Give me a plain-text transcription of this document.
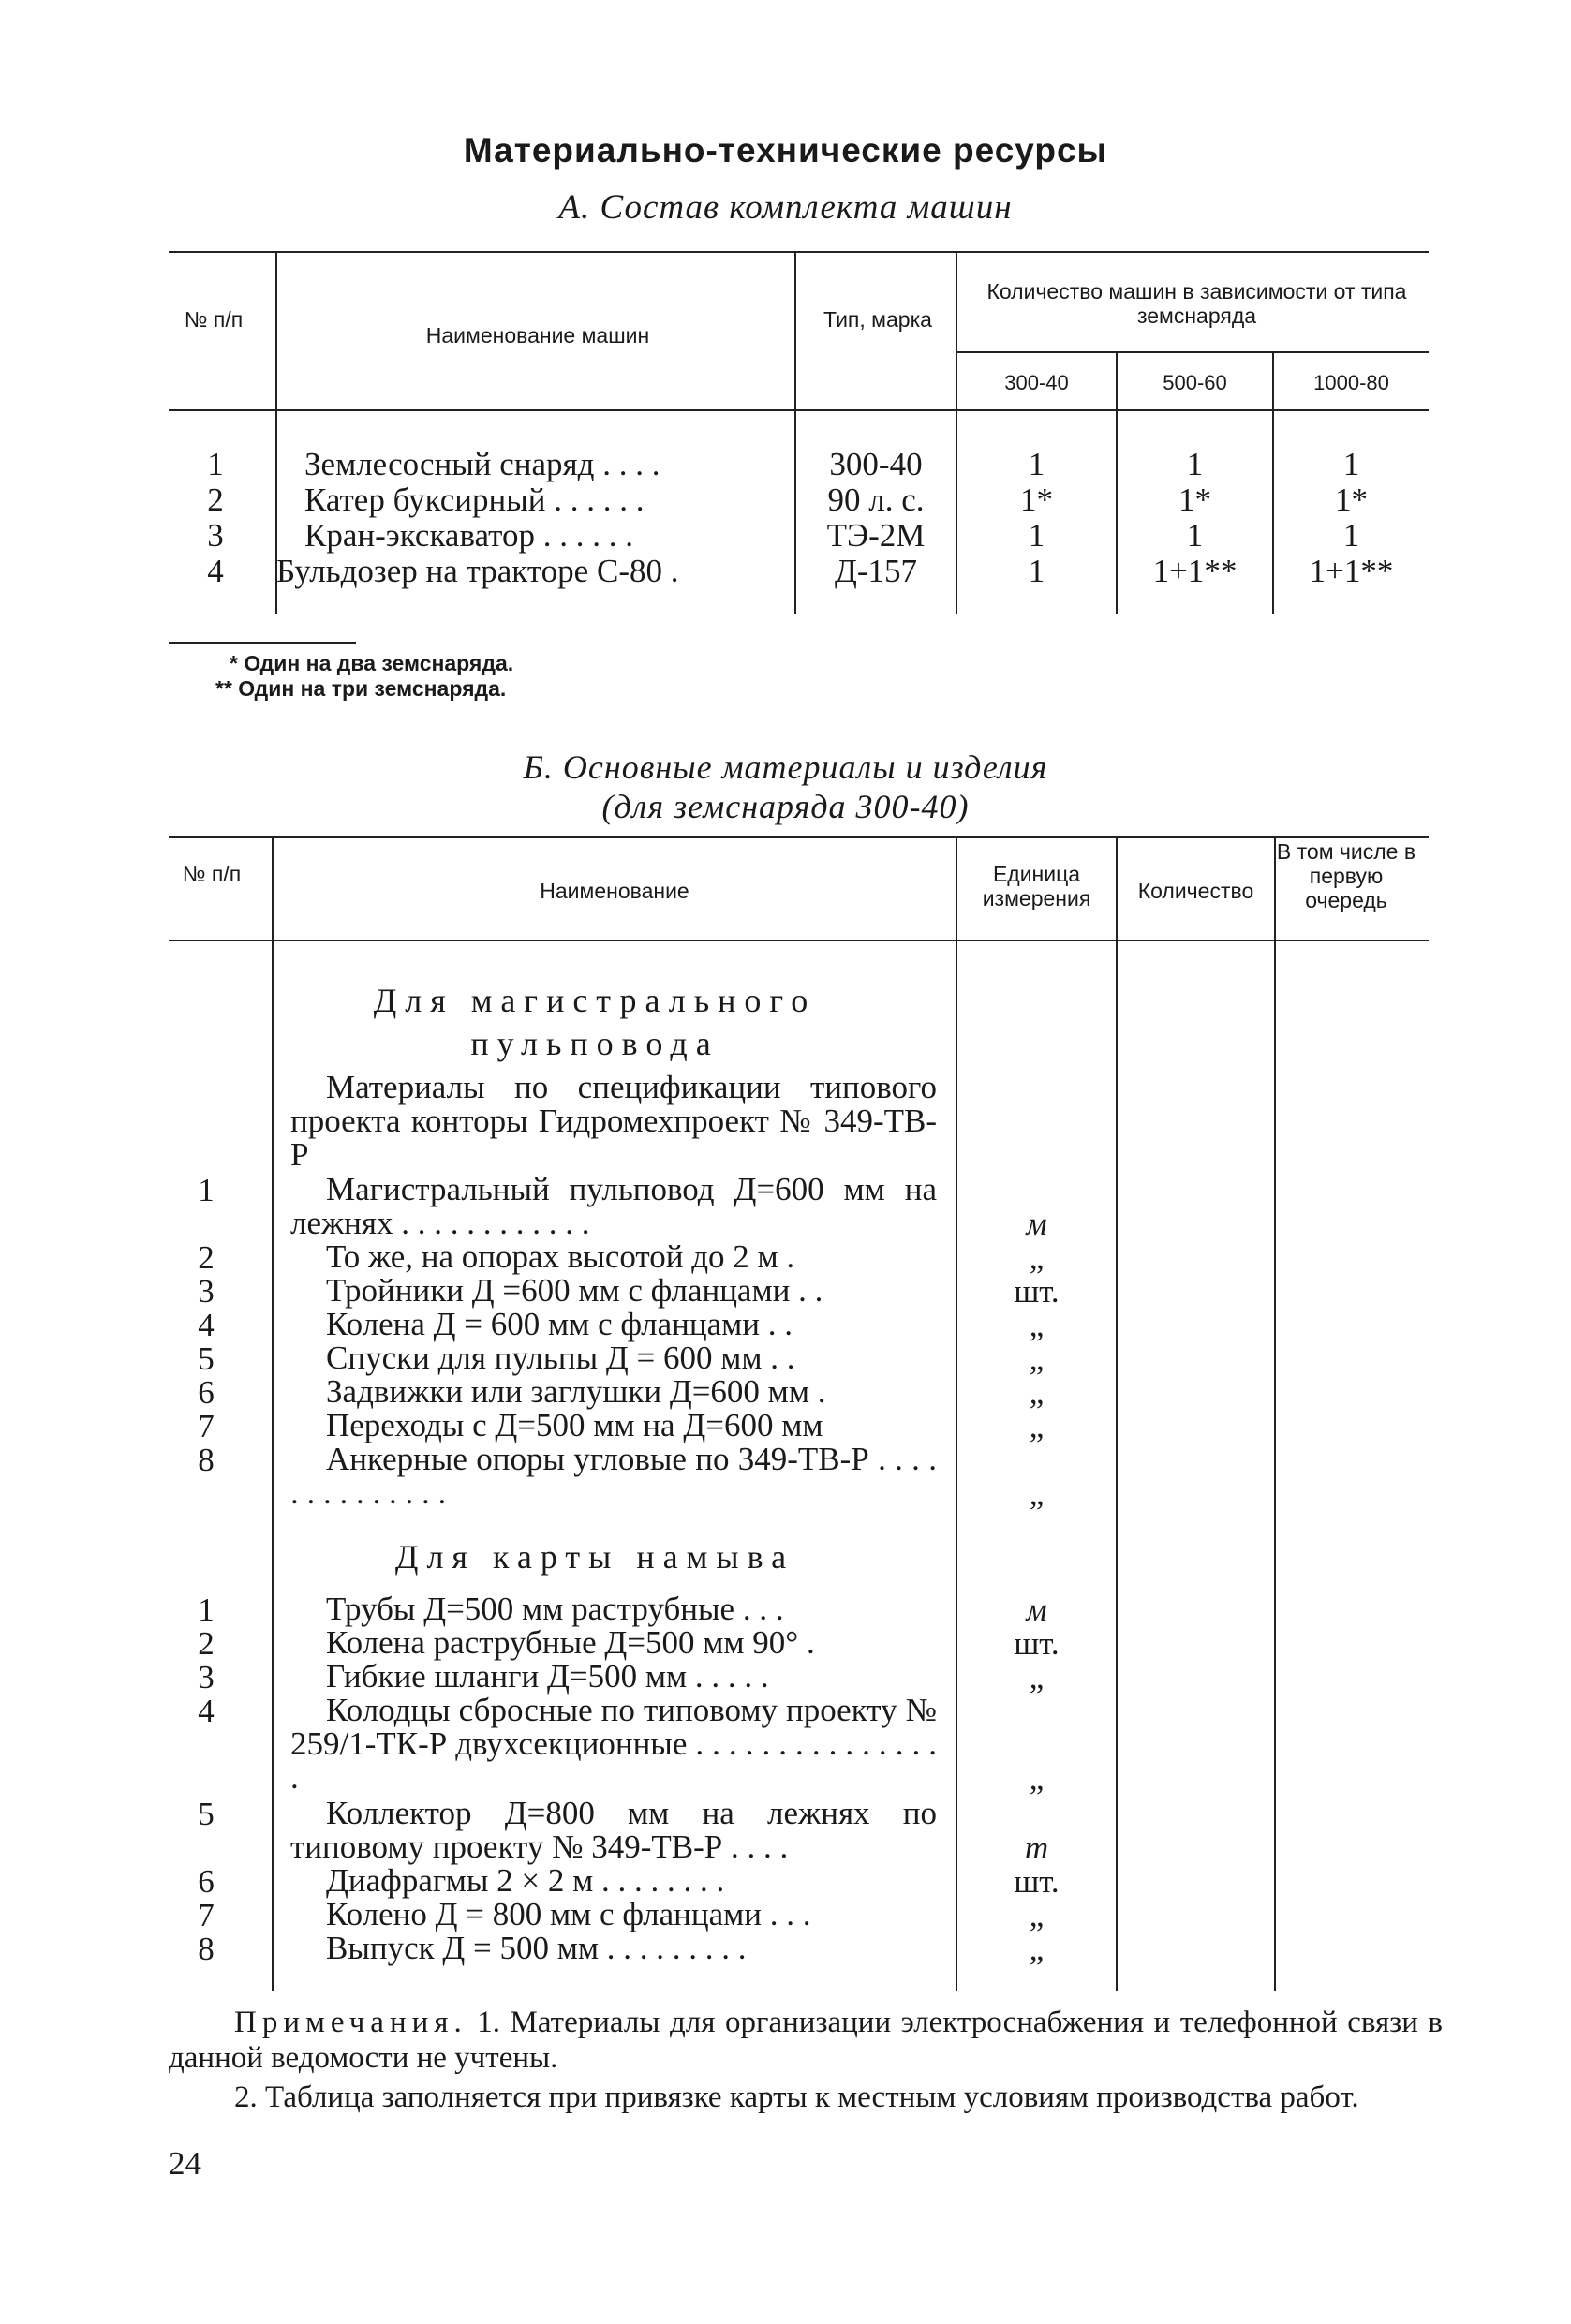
Материально-технические ресурсы
А. Состав комплекта машин
№ п/п
Наименование машин
Тип, марка
Количество машин в зависимости от типа земснаряда
300-40	500-60	1000-80
1	Землесосный снаряд . . . .	300-40	1	1	1
2	Катер буксирный . . . . . .	90 л. с.	1*	1*	1*
3	Кран-экскаватор . . . . . .	ТЭ-2М	1	1	1
4	Бульдозер на тракторе С-80 .	Д-157	1	1+1**	1+1**
* Один на два земснаряда.
** Один на три земснаряда.
Б. Основные материалы и изделия
(для земснаряда 300-40)
№ п/п
Наименование
Единица измерения	Количество
В том числе в первую очередь
Для магистрального пульповода
Материалы по спецификации типового проекта конторы Гидромехпроект № 349-ТВ-Р
1	Магистральный пульповод Д=600 мм на лежнях . . . . . . . . . . . .	м
2	То же, на опорах высотой до 2 м .	„
3	Тройники Д =600 мм с фланцами . .	шт.
4	Колена Д = 600 мм с фланцами . .	„
5	Спуски для пульпы Д = 600 мм . .	„
6	Задвижки или заглушки Д=600 мм .	„
7	Переходы с Д=500 мм на Д=600 мм	„
8	Анкерные опоры угловые по 349-ТВ-Р . . . . . . . . . . . . . .	„
Для карты намыва
1	Трубы Д=500 мм раструбные . . .	м
2	Колена раструбные Д=500 мм 90° .	шт.
3	Гибкие шланги Д=500 мм . . . . .	„
4	Колодцы сбросные по типовому проекту № 259/1-ТК-Р двухсекционные . . . . . . . . . . . . . . . .	„
5	Коллектор Д=800 мм на лежнях по типовому проекту № 349-ТВ-Р . . . .	т
6	Диафрагмы 2 × 2 м . . . . . . . .	шт.
7	Колено Д = 800 мм с фланцами . . .	„
8	Выпуск Д = 500 мм . . . . . . . . .	„
Примечания. 1. Материалы для организации электроснабжения и телефонной связи в данной ведомости не учтены.
2. Таблица заполняется при привязке карты к местным условиям производства работ.
24
